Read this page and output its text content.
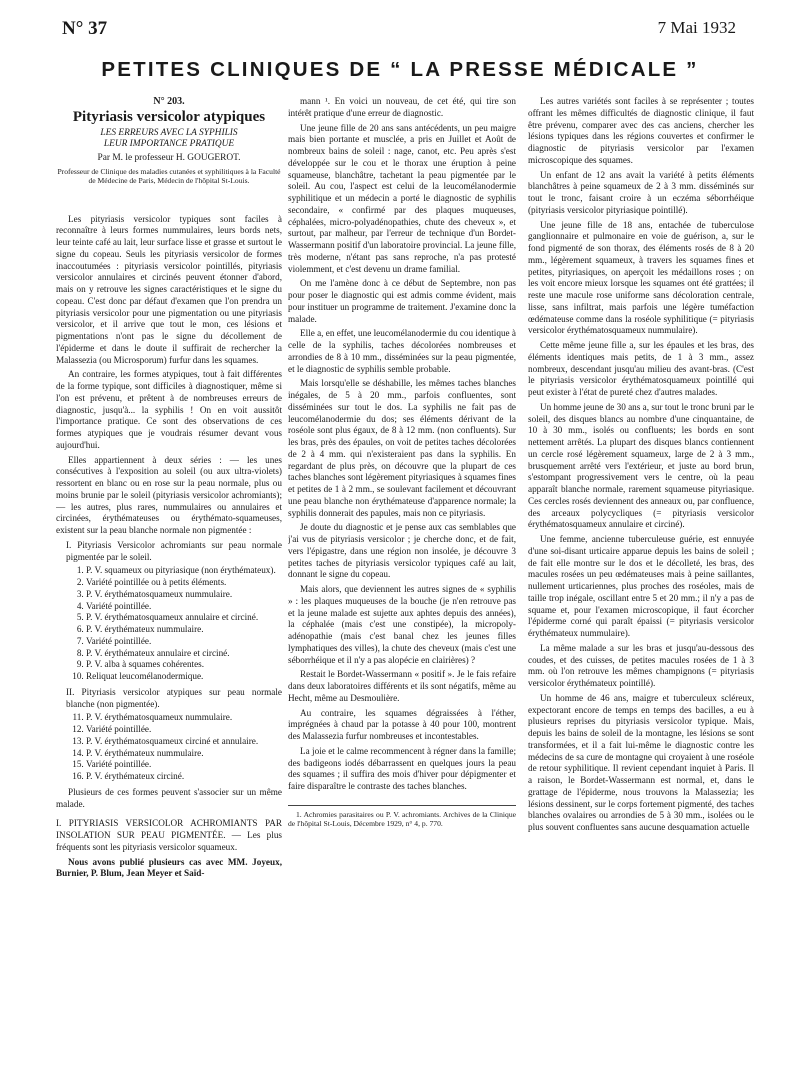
N° 37	7 Mai 1932
PETITES CLINIQUES DE “ LA PRESSE MÉDICALE ”

N° 203.

Pityriasis versicolor atypiques

LES ERREURS AVEC LA SYPHILIS

LEUR IMPORTANCE PRATIQUE

Par M. le professeur H. GOUGEROT.

Professeur de Clinique des maladies cutanées et syphilitiques à la Faculté de Médecine de Paris, Médecin de l'hôpital St-Louis.

Les pityriasis versicolor typiques sont faciles à reconnaître à leurs formes nummulaires, leurs bords nets, leur teinte café au lait, leur surface lisse et grasse et surtout le signe du copeau. Seuls les pityriasis versicolor de formes inaccoutumées : pityriasis versicolor pointillés, pityriasis versicolor annulaires et circinés peuvent étonner d'abord, mais on y retrouve les signes caractéristiques et le signe du copeau. C'est donc par défaut d'examen que l'on prendra un pityriasis versicolor pour une pigmentation ou une pityriasis versicolor, et il arrive que tout le mon, ces lésions et pigmentations n'ont pas le signe du décollement de l'épiderme et dans le doute il suffirait de rechercher la Malassezia (ou Microsporum) furfur dans les squames.

An contraire, les formes atypiques, tout à fait différentes de la forme typique, sont difficiles à diagnostiquer, même si l'on est prévenu, et prêtent à de nombreuses erreurs de diagnostic, jusqu'à... la syphilis ! On en voit aussitôt l'importance pratique. Ce sont des observations de ces formes atypiques que je voudrais résumer devant vous aujourd'hui.

Elles appartiennent à deux séries : — les unes consécutives à l'exposition au soleil (ou aux ultra-violets) ressortent en blanc ou en rose sur la peau normale, plus ou moins brunie par le soleil (pityriasis versicolor achromiants); — les autres, plus rares, nummulaires ou annulaires et circinées, érythémateuses ou érythémato-squameuses, existent sur la peau blanche normale non pigmentée :

I. Pityriasis Versicolor achromiants sur peau normale pigmentée par le soleil.

1. P. V. squameux ou pityriasique (non érythémateux).
2. Variété pointillée ou à petits éléments.
3. P. V. érythématosquameux nummulaire.
4. Variété pointillée.
5. P. V. érythématosquameux annulaire et circiné.
6. P. V. érythémateux nummulaire.
7. Variété pointillée.
8. P. V. érythémateux annulaire et circiné.
9. P. V. alba à squames cohérentes.
10. Reliquat leucomélanodermique.

II. Pityriasis versicolor atypiques sur peau normale blanche (non pigmentée).

11. P. V. érythématosquameux nummulaire.
12. Variété pointillée.
13. P. V. érythématosquameux circiné et annulaire.
14. P. V. érythémateux nummulaire.
15. Variété pointillée.
16. P. V. érythémateux circiné.

Plusieurs de ces formes peuvent s'associer sur un même malade.

I. PITYRIASIS VERSICOLOR ACHROMIANTS PAR INSOLATION SUR PEAU PIGMENTÉE. — Les plus fréquents sont les pityriasis versicolor squameux.

Nous avons publié plusieurs cas avec MM. Joyeux, Burnier, P. Blum, Jean Meyer et Saïd-

mann ¹. En voici un nouveau, de cet été, qui tire son intérêt pratique d'une erreur de diagnostic.

Une jeune fille de 20 ans sans antécédents, un peu maigre mais bien portante et musclée, a pris en Juillet et Août de nombreux bains de soleil : nage, canot, etc. Peu après s'est développée sur le cou et le thorax une éruption à peine squameuse, blanchâtre, tachetant la peau pigmentée par le soleil. Au cou, l'aspect est celui de la leucomélanodermie syphilitique et un médecin a porté le diagnostic de syphilis secondaire, « confirmé par des plaques muqueuses, céphalées, micro-polyadénopathies, chute des cheveux », et surtout, par malheur, par l'erreur de technique d'un Bordet-Wassermann positif d'un laboratoire provincial. La jeune fille, très moderne, n'étant pas sans reproche, n'a pas protesté violemment, et c'est devenu un drame familial.

On me l'amène donc à ce début de Septembre, non pas pour poser le diagnostic qui est admis comme évident, mais pour instituer un programme de traitement. J'examine donc la malade.

Elle a, en effet, une leucomélanodermie du cou identique à celle de la syphilis, taches décolorées nombreuses et arrondies de 8 à 10 mm., disséminées sur la peau pigmentée, et le diagnostic de syphilis semble probable.

Mais lorsqu'elle se déshabille, les mêmes taches blanches inégales, de 5 à 20 mm., parfois confluentes, sont disséminées sur tout le dos. La syphilis ne fait pas de leucomélanodermie du dos; ses éléments dérivant de la roséole sont plus égaux, de 8 à 12 mm. (non confluents). Sur les bras, près des épaules, on voit de petites taches décolorées de 2 à 4 mm. qui n'existeraient pas dans la syphilis. En regardant de plus près, on découvre que la plupart de ces taches blanches sont légèrement pityriasiques à squames fines et petites de 1 à 2 mm., se soulevant facilement et découvrant une peau blanche non érythémateuse d'apparence normale; la syphilis donnerait des papules, mais non ce pityriasis.

Je doute du diagnostic et je pense aux cas semblables que j'ai vus de pityriasis versicolor ; je cherche donc, et de fait, vers l'épigastre, dans une région non insolée, je découvre 3 petites taches de pityriasis versicolor typiques café au lait, donnant le signe du copeau.

Mais alors, que deviennent les autres signes de « syphilis » : les plaques muqueuses de la bouche (je n'en retrouve pas et la jeune malade est sujette aux aphtes depuis des années), la céphalée (mais c'est une constipée), la micropoly-adénopathie (mais c'est banal chez les jeunes filles lymphatiques des villes), la chute des cheveux (mais c'est une séborrhéique et il n'y a pas alopécie en clairières) ?

Restait le Bordet-Wassermann « positif ». Je le fais refaire dans deux laboratoires différents et ils sont négatifs, même au Hecht, même au Desmoulière.

Au contraire, les squames dégraissées à l'éther, imprégnées à chaud par la potasse à 40 pour 100, montrent des Malassezia furfur nombreuses et incontestables.

La joie et le calme recommencent à régner dans la famille; des badigeons iodés débarrassent en quelques jours la peau des squames ; il suffira des mois d'hiver pour dépigmenter et faire disparaître le contraste des taches blanches.

1. Achromies parasitaires ou P. V. achromiants. Archives de la Clinique de l'hôpital St-Louis, Décembre 1929, n° 4, p. 770.

Les autres variétés sont faciles à se représenter ; toutes offrant les mêmes difficultés de diagnostic clinique, il faut être prévenu, comparer avec des cas anciens, chercher les lésions typiques dans les régions couvertes et confirmer le diagnostic de pityriasis versicolor par l'examen microscopique des squames.

Un enfant de 12 ans avait la variété à petits éléments blanchâtres à peine squameux de 2 à 3 mm. disséminés sur tout le tronc, faisant croire à un eczéma séborrhéique (pityriasis versicolor pityriasique pointillé).

Une jeune fille de 18 ans, entachée de tuberculose ganglionnaire et pulmonaire en voie de guérison, a, sur le fond pigmenté de son thorax, des éléments rosés de 8 à 20 mm., légèrement squameux, à travers les squames fines et petites, pityriasiques, on aperçoit les médaillons roses ; on les voit encore mieux lorsque les squames ont été grattées; il reste une macule rose uniforme sans décoloration centrale, lisse, sans infiltrat, mais parfois une légère tuméfaction œdémateuse comme dans la roséole syphilitique (= pityriasis versicolor érythématosquameux nummulaire).

Cette même jeune fille a, sur les épaules et les bras, des éléments identiques mais petits, de 1 à 3 mm., assez nombreux, descendant jusqu'au milieu des avant-bras. (C'est le pityriasis versicolor érythématosquameux pointillé qui peut exister à l'état de pureté chez d'autres malades.

Un homme jeune de 30 ans a, sur tout le tronc bruni par le soleil, des disques blancs au nombre d'une cinquantaine, de 10 à 30 mm., isolés ou confluents; les bords en sont nettement arrêtés. La plupart des disques blancs contiennent un cercle rosé légèrement squameux, large de 2 à 3 mm., brusquement arrêté vers l'extérieur, et juste au bord brun, s'estompant progressivement vers le centre, où la peau apparaît blanche normale, rarement squameuse pityriasique. Ces cercles rosés deviennent des anneaux ou, par confluence, des arceaux polycycliques (= pityriasis versicolor érythématosquameux annulaire et circiné).

Une femme, ancienne tuberculeuse guérie, est ennuyée d'une soi-disant urticaire apparue depuis les bains de soleil ; de fait elle montre sur le dos et le décolleté, les bras, des macules rosées un peu œdémateuses mais à peine saillantes, nullement urticariennes, plus proches des roséoles, mais de taille trop inégale, oscillant entre 5 et 20 mm.; il n'y a pas de squame et, pour l'examen microscopique, il faut écorcher l'épiderme corné qui paraît épaissi (= pityriasis versicolor érythémateux nummulaire).

La même malade a sur les bras et jusqu'au-dessous des coudes, et des cuisses, de petites macules rosées de 1 à 3 mm. où l'on retrouve les mêmes champignons (= pityriasis versicolor érythémateux pointillé).

Un homme de 46 ans, maigre et tuberculeux scléreux, expectorant encore de temps en temps des bacilles, a eu à plusieurs reprises du pityriasis versicolor typique. Mais, depuis les bains de soleil de la montagne, les lésions se sont transformées, et il a fait lui-même le diagnostic contre les médecins de sa cure de montagne qui croyaient à une roséole de retour syphilitique. Il revient cependant inquiet à Paris. Il a raison, le Bordet-Wassermann est normal, et, dans le grattage de l'épiderme, nous trouvons la Malassezia; les lésions dessinent, sur le corps fortement pigmenté, des taches blanches ovalaires ou arrondies de 5 à 30 mm., isolées ou le plus souvent confluentes sans aucune desquamation actuelle
